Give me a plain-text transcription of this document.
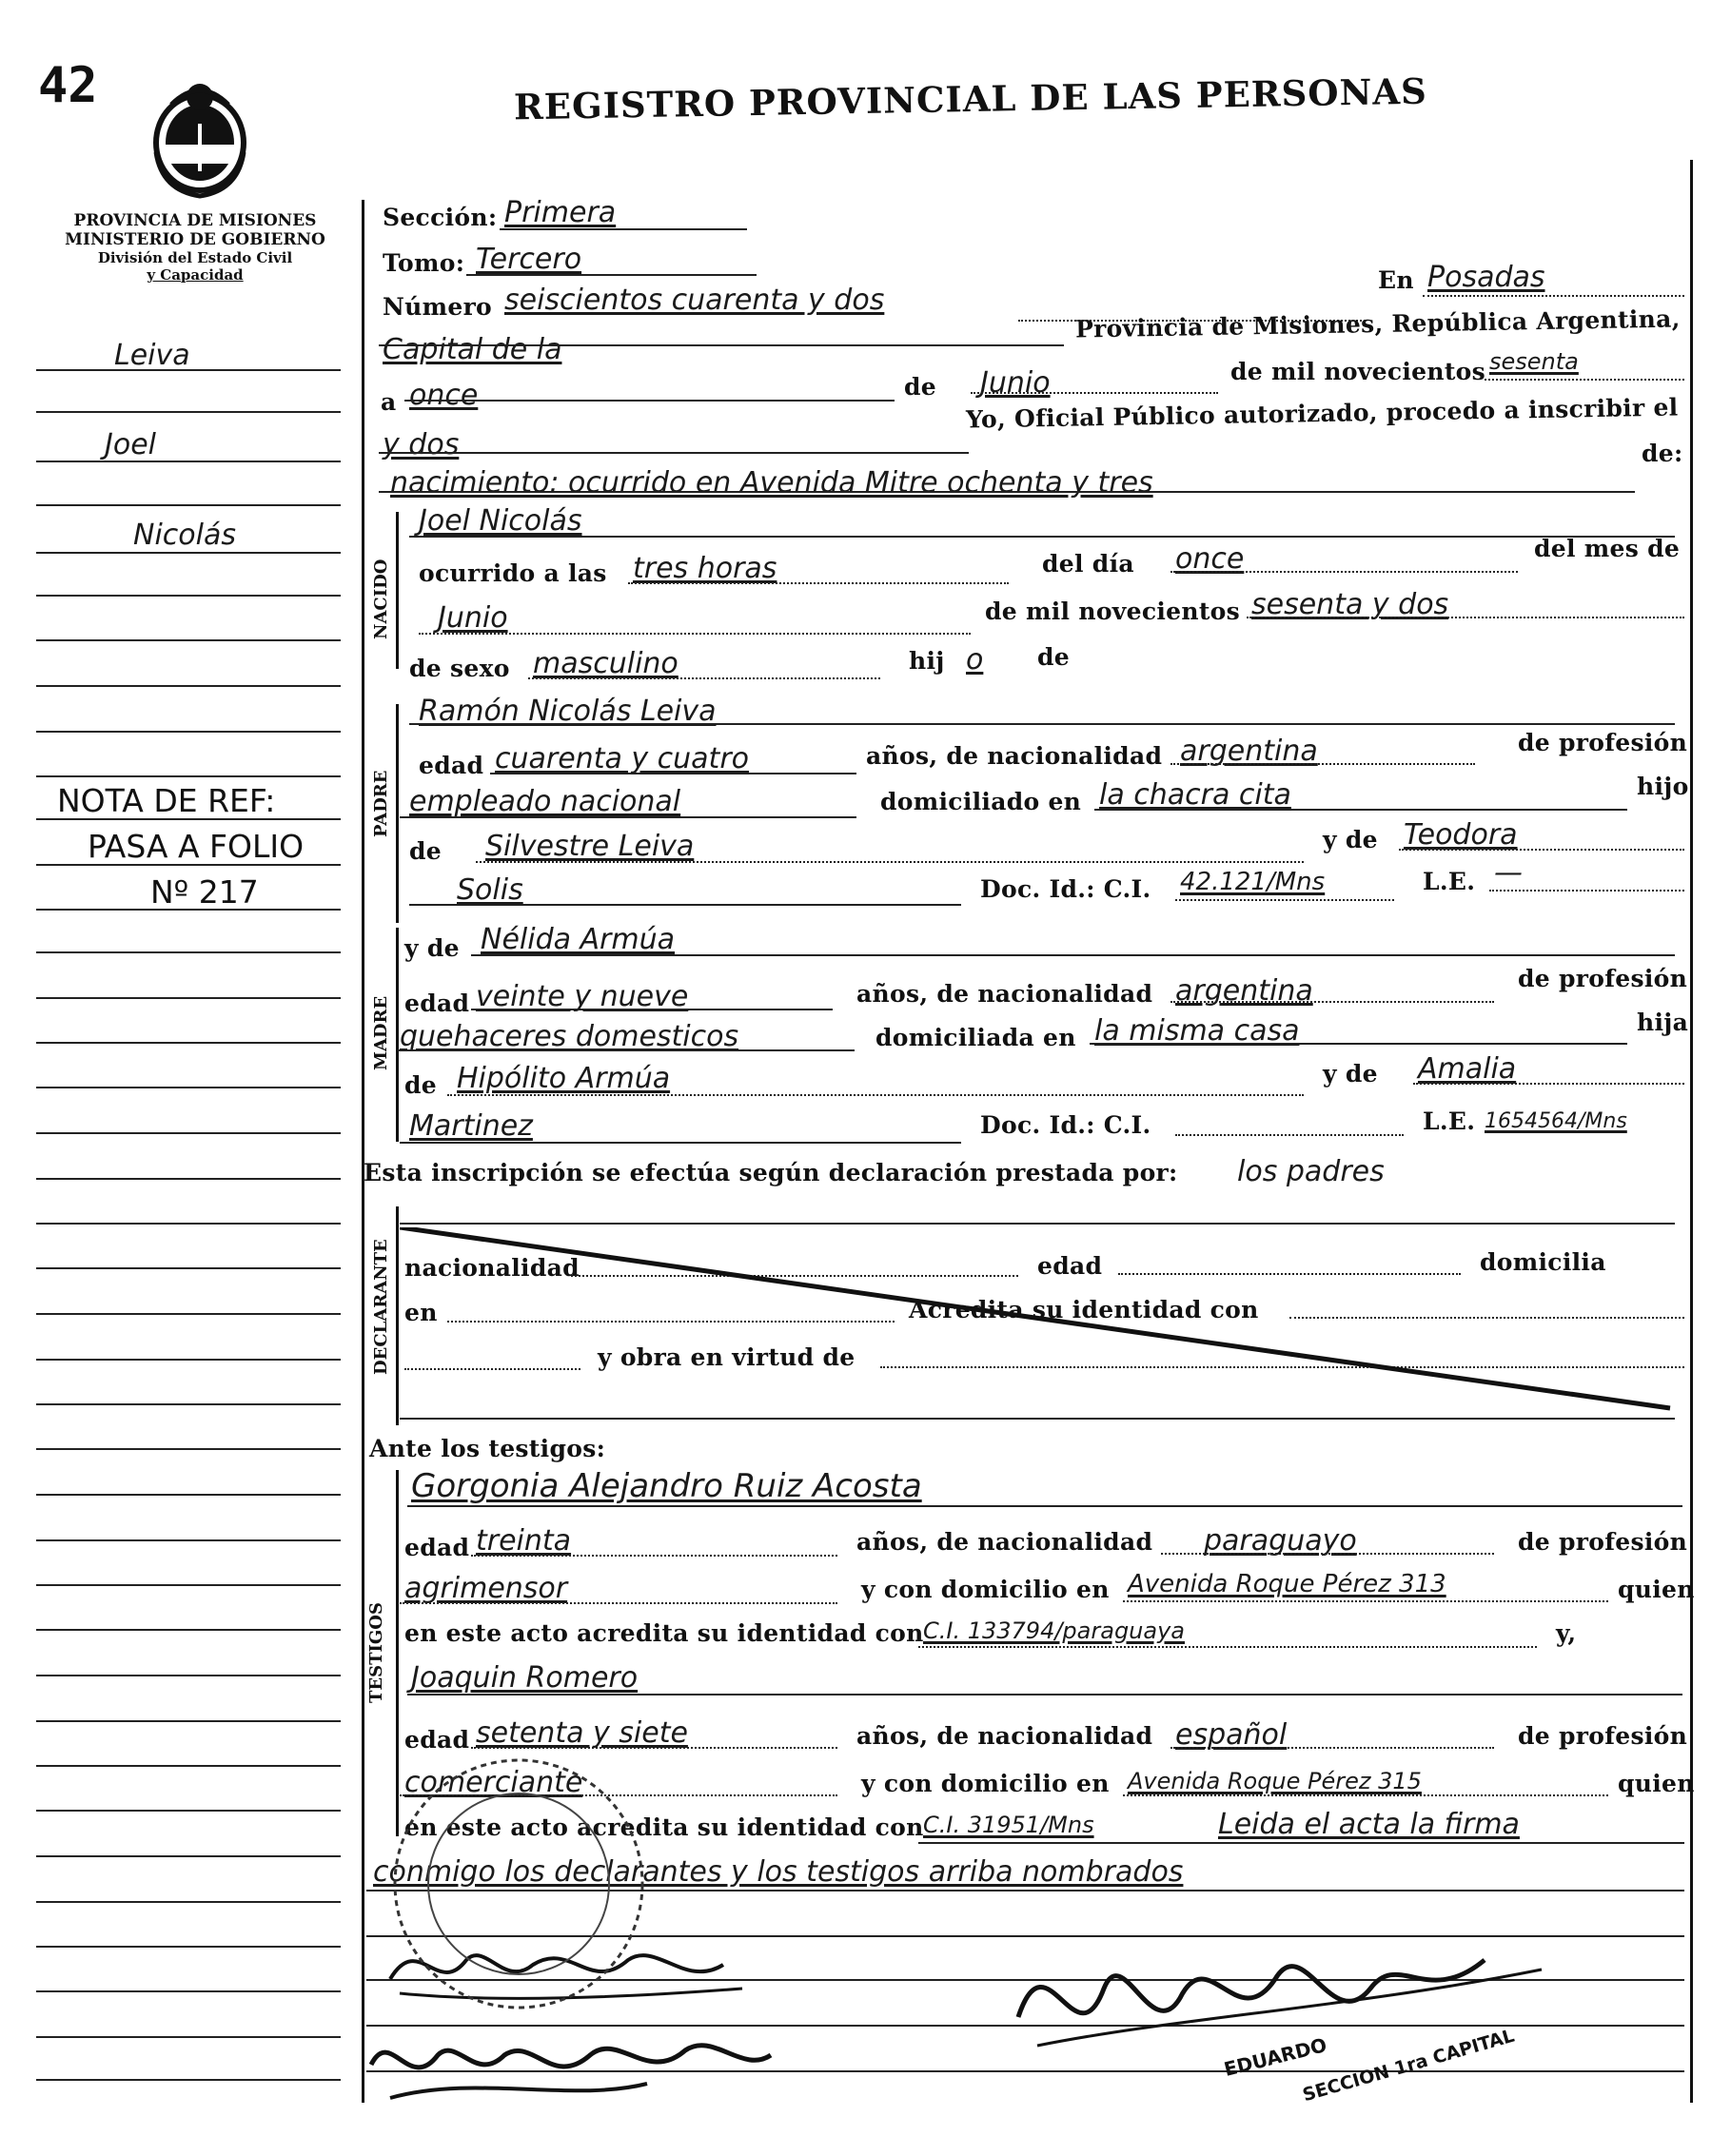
42	REGISTRO PROVINCIAL DE LAS PERSONAS
PROVINCIA DE MISIONES
MINISTERIO DE GOBIERNO
División del Estado Civil
y Capacidad
Leiva
Joel
Nicolás
NOTA DE REF:
PASA A FOLIO
Nº 217
Sección: Primera
Tomo: Tercero
Número seiscientos cuarenta y dos
En Posadas
Capital de la
Provincia de Misiones, República Argentina,
a once	de Junio	de mil novecientos sesenta
y dos
Yo, Oficial Público autorizado, procedo a inscribir el
de:
nacimiento: ocurrido en Avenida Mitre ochenta y tres
NACIDO
Joel Nicolás
ocurrido a las tres horas	del día once	del mes de
Junio	de mil novecientos sesenta y dos
de sexo masculino	hij o de
PADRE
Ramón Nicolás Leiva
edad cuarenta y cuatro	años, de nacionalidad argentina	de profesión
empleado nacional	domiciliado en la chacra cita	hijo
de Silvestre Leiva	y de Teodora
Solis	Doc. Id.: C.I. 42.121/Mns	L.E. —
MADRE
y de Nélida Armúa
edad veinte y nueve	años, de nacionalidad argentina	de profesión
quehaceres domesticos	domiciliada en la misma casa	hija
de Hipólito Armúa	y de Amalia
Martinez	Doc. Id.: C.I.	L.E. 1654564/Mns
Esta inscripción se efectúa según declaración prestada por: los padres
DECLARANTE nacionalidad	edad	domicilia
en	Acredita su identidad con
y obra en virtud de
Ante los testigos:
TESTIGOS
Gorgonia Alejandro Ruiz Acosta
edad treinta	años, de nacionalidad paraguayo	de profesión
agrimensor	y con domicilio en Avenida Roque Pérez 313	quien
en este acto acredita su identidad con C.I. 133794/paraguaya	y,
Joaquin Romero
edad setenta y siete	años, de nacionalidad español	de profesión
comerciante	y con domicilio en Avenida Roque Pérez 315	quien
en este acto acredita su identidad con C.I. 31951/Mns	Leida el acta la firma
conmigo los declarantes y los testigos arriba nombrados
EDUARDO
SECCION 1ra CAPITAL
